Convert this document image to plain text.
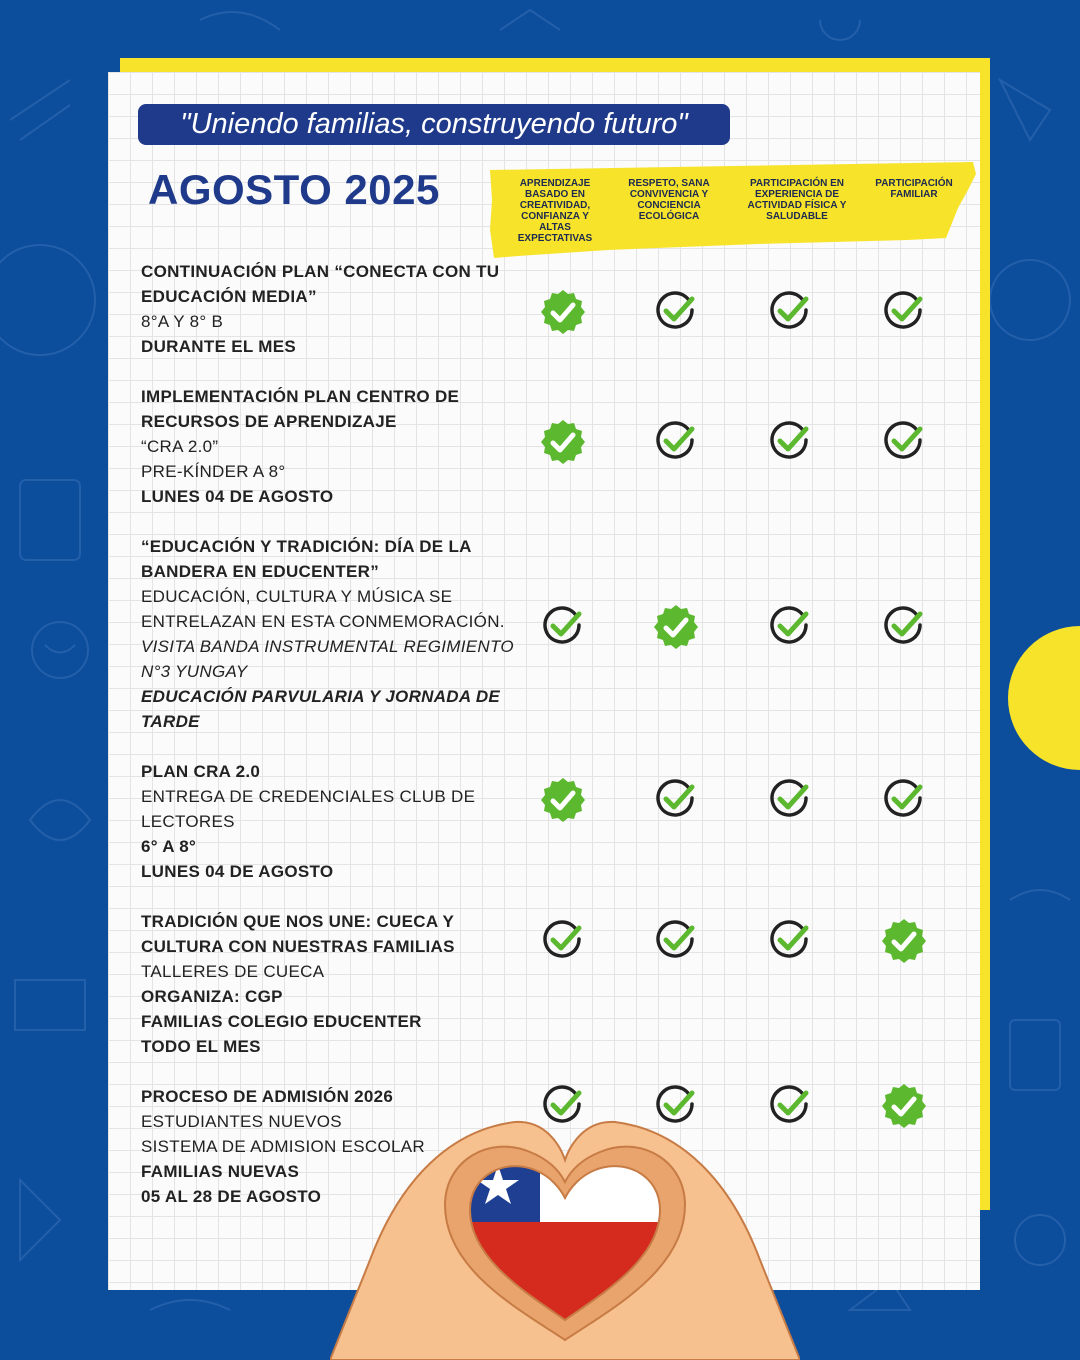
"Uniendo familias, construyendo futuro"
AGOSTO 2025	APRENDIZAJE BASADO EN CREATIVIDAD, CONFIANZA Y ALTAS EXPECTATIVAS
RESPETO, SANA CONVIVENCIA Y CONCIENCIA ECOLÓGICA
PARTICIPACIÓN EN EXPERIENCIA DE ACTIVIDAD FÍSICA Y SALUDABLE
PARTICIPACIÓN FAMILIAR
CONTINUACIÓN PLAN “CONECTA CON TU EDUCACIÓN MEDIA”
8°A Y 8° B
DURANTE EL MES
IMPLEMENTACIÓN PLAN CENTRO DE RECURSOS DE APRENDIZAJE
“CRA 2.0”
PRE-KÍNDER A 8°
LUNES 04 DE AGOSTO
“EDUCACIÓN Y TRADICIÓN: DÍA DE LA BANDERA EN EDUCENTER”
EDUCACIÓN, CULTURA Y MÚSICA SE ENTRELAZAN EN ESTA CONMEMORACIÓN.
VISITA BANDA INSTRUMENTAL REGIMIENTO N°3 YUNGAY
EDUCACIÓN PARVULARIA Y JORNADA DE TARDE
PLAN CRA 2.0
ENTREGA DE CREDENCIALES CLUB DE LECTORES
6° A 8°
LUNES 04 DE AGOSTO
TRADICIÓN QUE NOS UNE: CUECA Y CULTURA CON NUESTRAS FAMILIAS
TALLERES DE CUECA
ORGANIZA: CGP
FAMILIAS COLEGIO EDUCENTER
TODO EL MES
PROCESO DE ADMISIÓN 2026
ESTUDIANTES NUEVOS
SISTEMA DE ADMISION ESCOLAR
FAMILIAS NUEVAS
05 AL 28 DE AGOSTO
